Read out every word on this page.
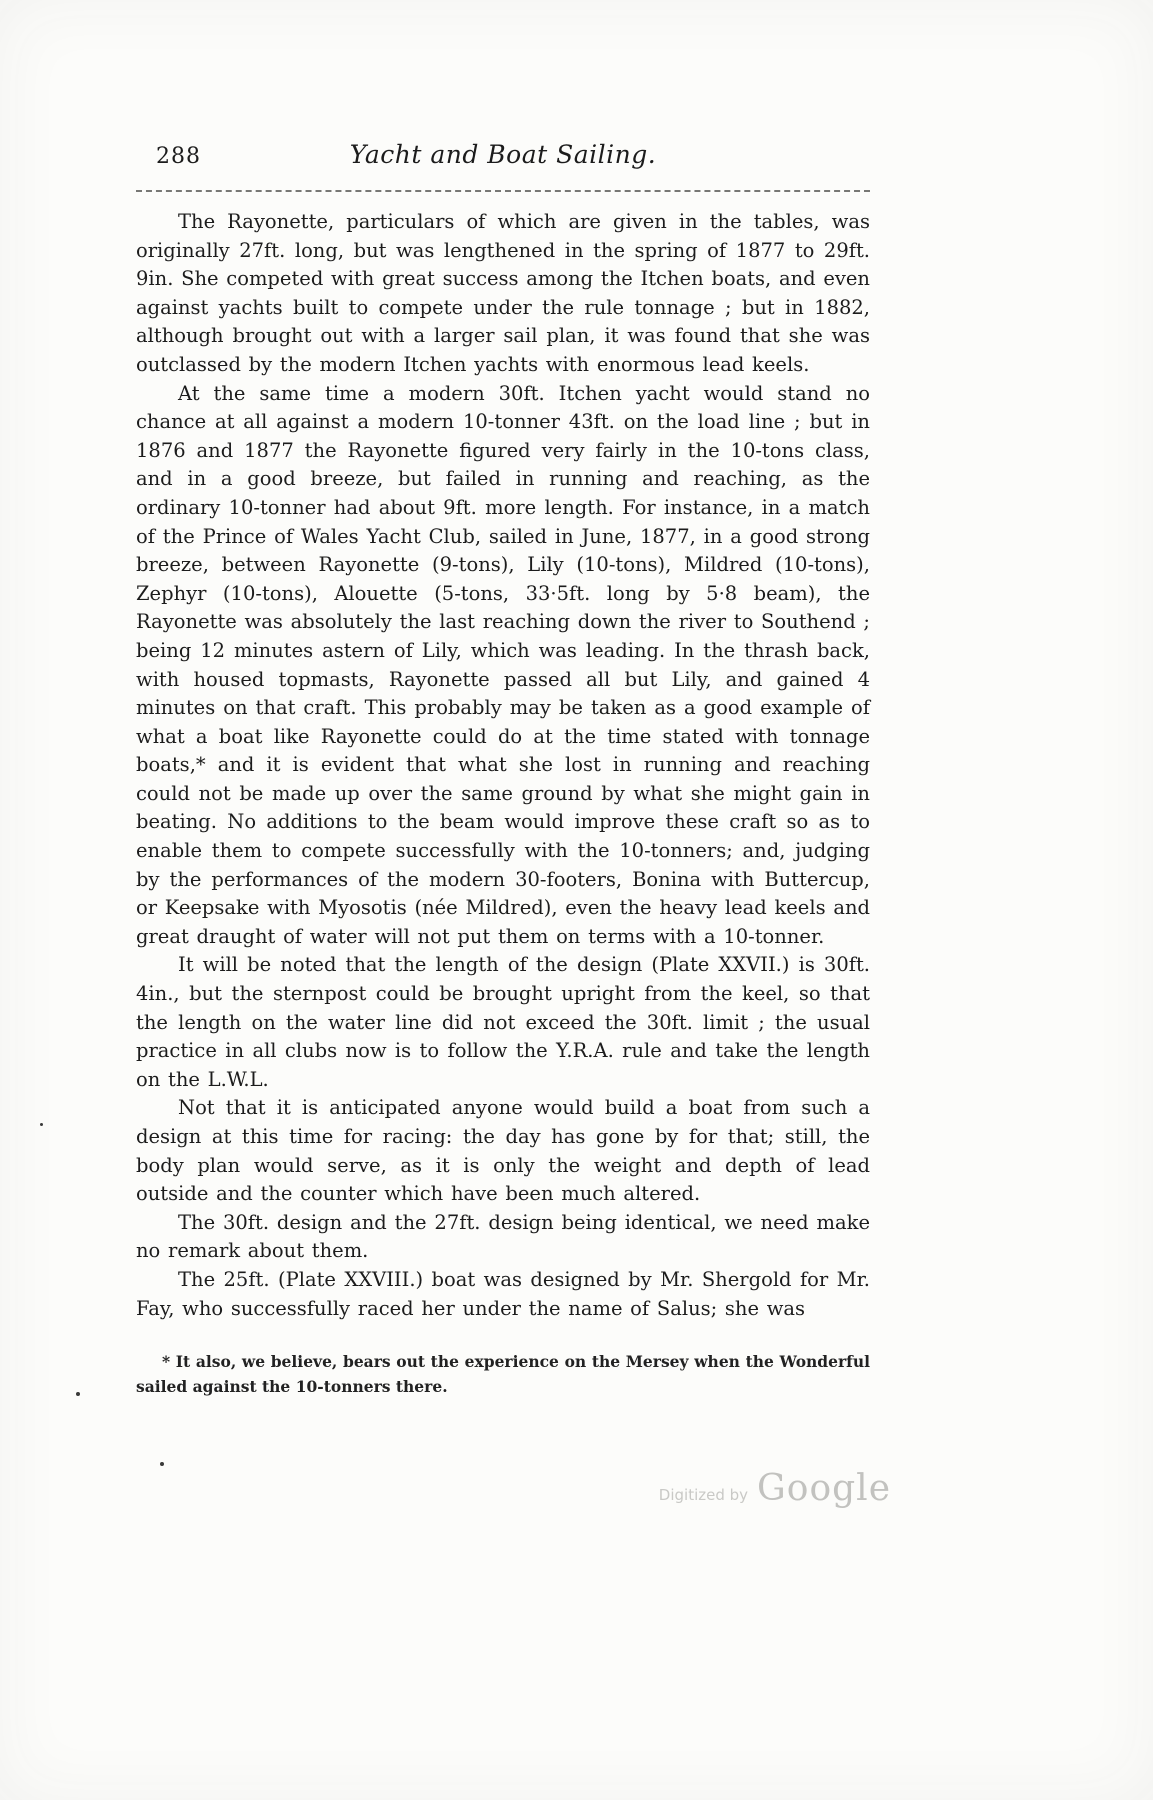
288	Yacht and Boat Sailing.

The Rayonette, particulars of which are given in the tables, was originally 27ft. long, but was lengthened in the spring of 1877 to 29ft. 9in. She competed with great success among the Itchen boats, and even against yachts built to compete under the rule tonnage ; but in 1882, although brought out with a larger sail plan, it was found that she was outclassed by the modern Itchen yachts with enormous lead keels.

At the same time a modern 30ft. Itchen yacht would stand no chance at all against a modern 10-tonner 43ft. on the load line ; but in 1876 and 1877 the Rayonette figured very fairly in the 10-tons class, and in a good breeze, but failed in running and reaching, as the ordinary 10-tonner had about 9ft. more length. For instance, in a match of the Prince of Wales Yacht Club, sailed in June, 1877, in a good strong breeze, between Rayonette (9-tons), Lily (10-tons), Mildred (10-tons), Zephyr (10-tons), Alouette (5-tons, 33·5ft. long by 5·8 beam), the Rayonette was absolutely the last reaching down the river to Southend ; being 12 minutes astern of Lily, which was leading. In the thrash back, with housed topmasts, Rayonette passed all but Lily, and gained 4 minutes on that craft. This probably may be taken as a good example of what a boat like Rayonette could do at the time stated with tonnage boats,* and it is evident that what she lost in running and reaching could not be made up over the same ground by what she might gain in beating. No additions to the beam would improve these craft so as to enable them to compete successfully with the 10-tonners; and, judging by the performances of the modern 30-footers, Bonina with Buttercup, or Keepsake with Myosotis (née Mildred), even the heavy lead keels and great draught of water will not put them on terms with a 10-tonner.

It will be noted that the length of the design (Plate XXVII.) is 30ft. 4in., but the sternpost could be brought upright from the keel, so that the length on the water line did not exceed the 30ft. limit ; the usual practice in all clubs now is to follow the Y.R.A. rule and take the length on the L.W.L.

Not that it is anticipated anyone would build a boat from such a design at this time for racing: the day has gone by for that; still, the body plan would serve, as it is only the weight and depth of lead outside and the counter which have been much altered.

The 30ft. design and the 27ft. design being identical, we need make no remark about them.

The 25ft. (Plate XXVIII.) boat was designed by Mr. Shergold for Mr. Fay, who successfully raced her under the name of Salus; she was

* It also, we believe, bears out the experience on the Mersey when the Wonderful sailed against the 10-tonners there.
Digitized by Google
